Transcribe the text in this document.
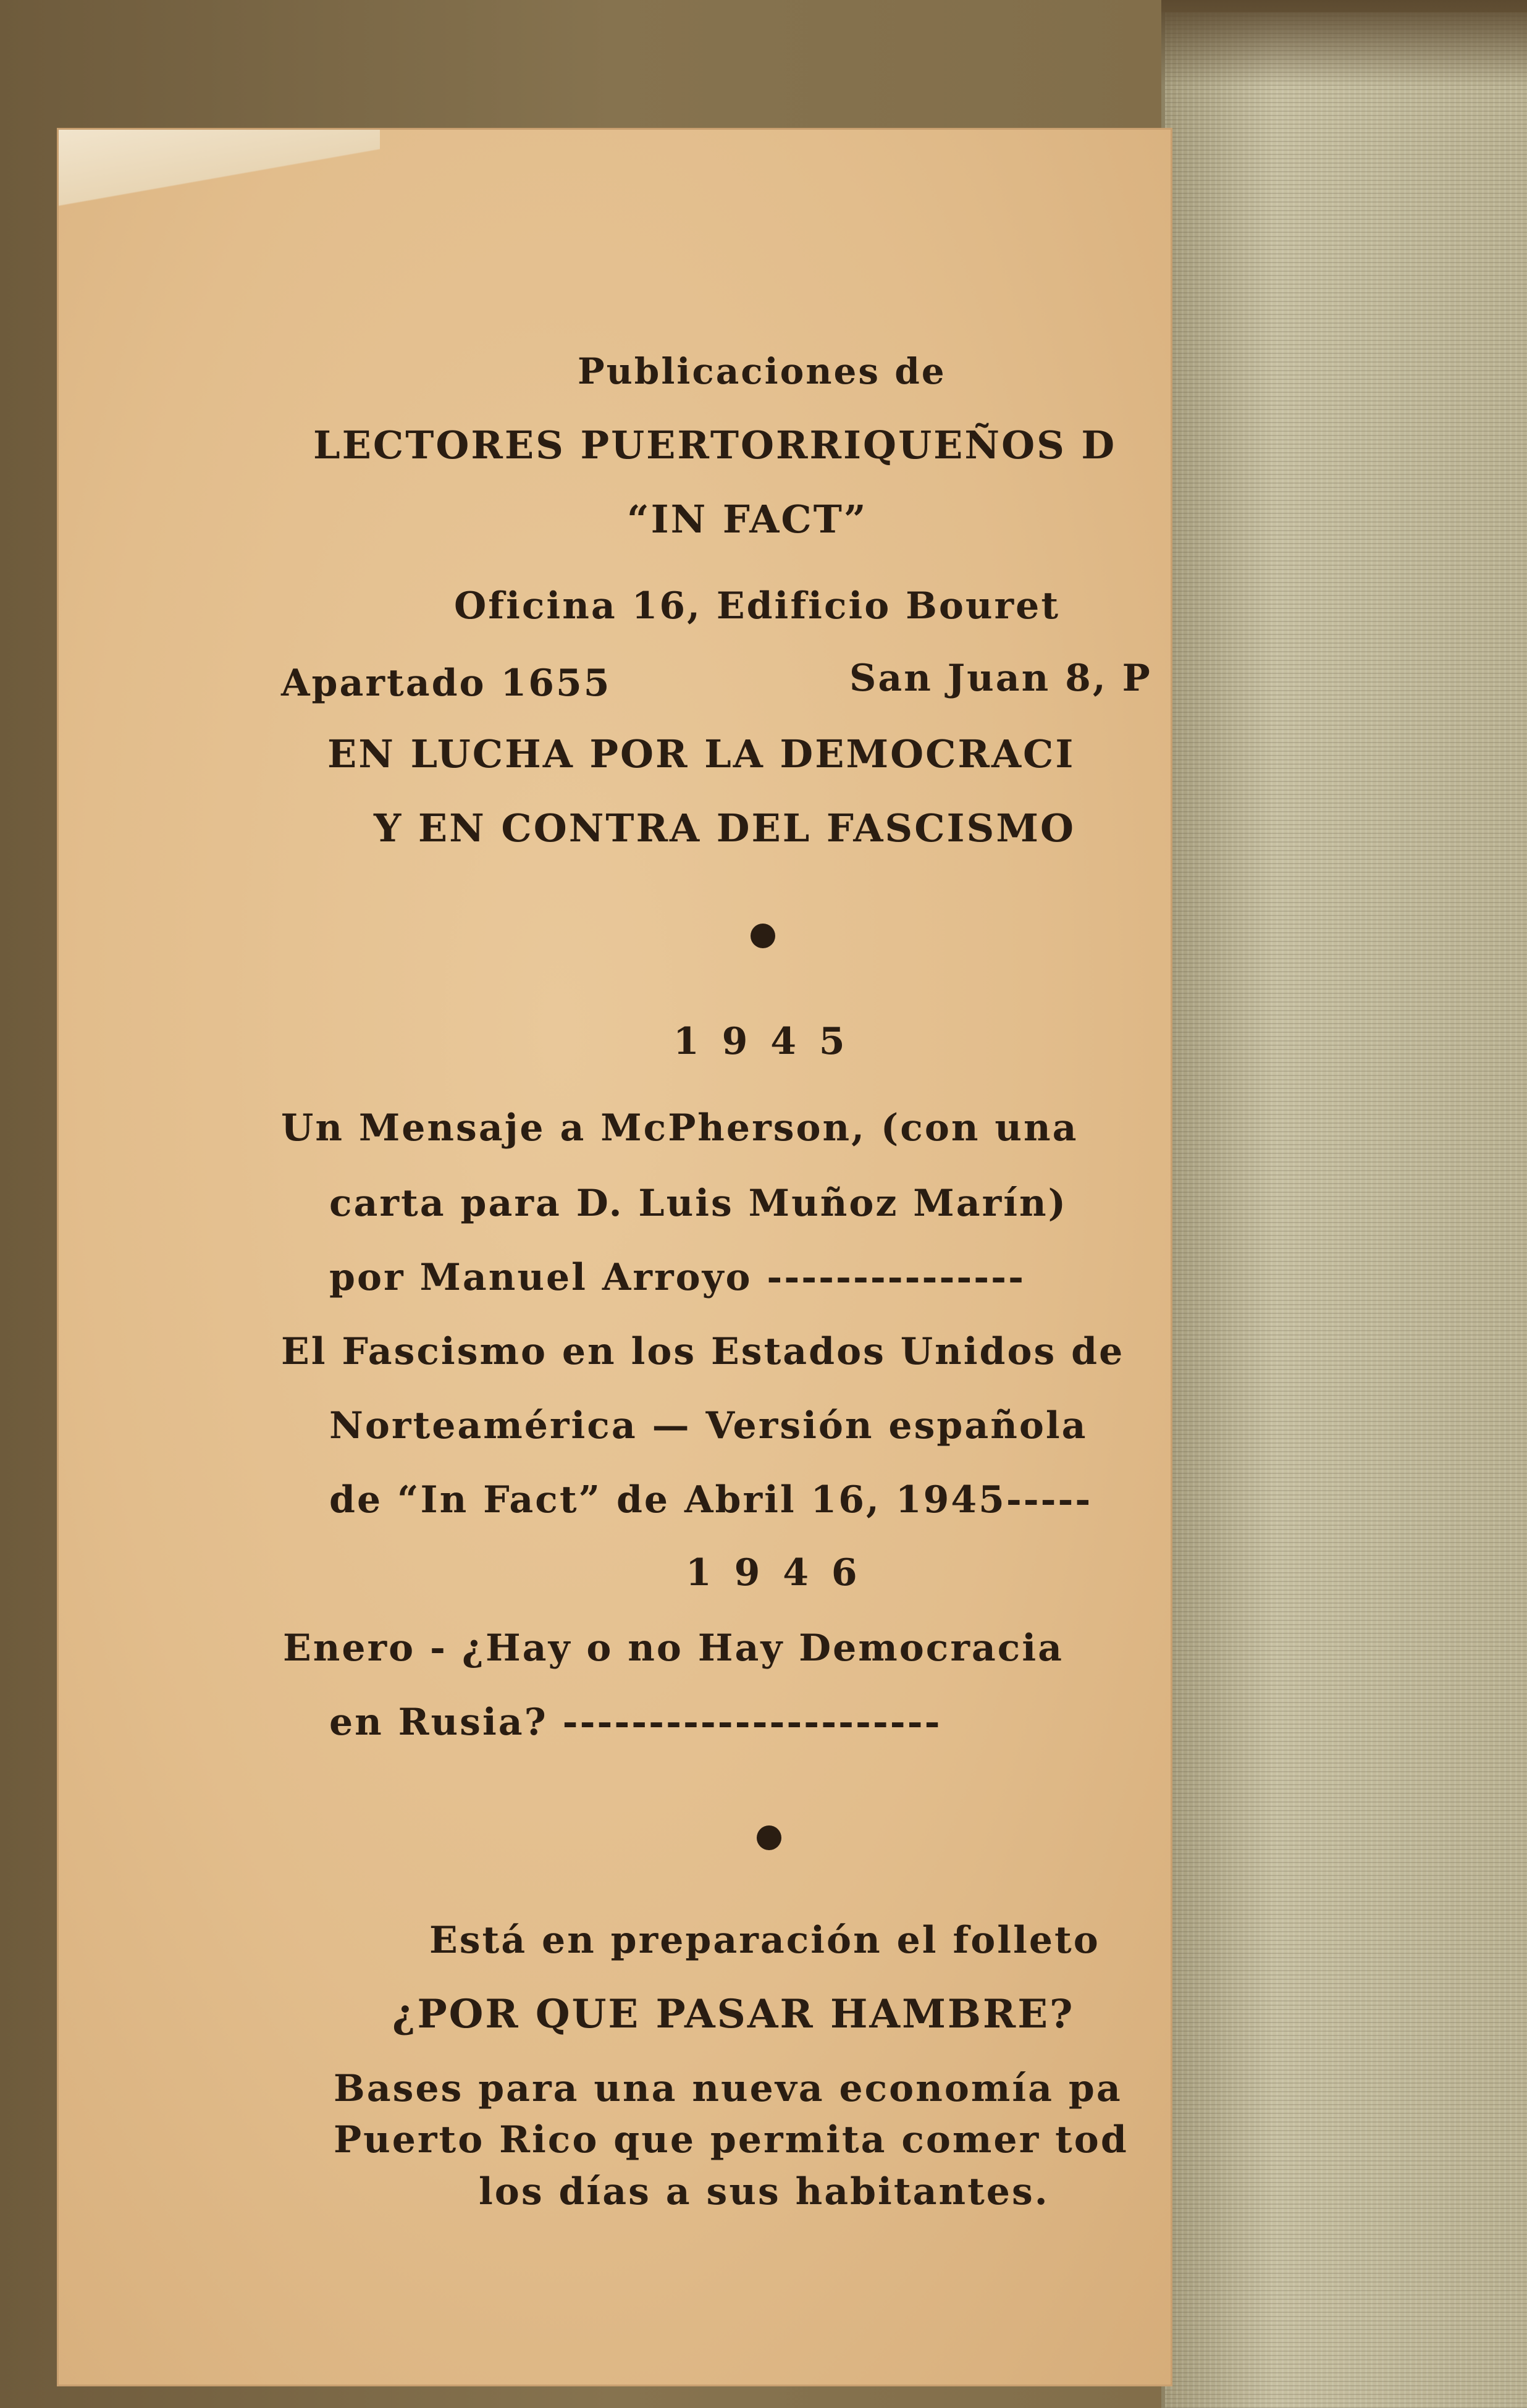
Publicaciones de
LECTORES PUERTORRIQUEÑOS D
“IN FACT”
Oficina 16, Edificio Bouret
Apartado 1655	San Juan 8, P
EN LUCHA POR LA DEMOCRACI
Y EN CONTRA DEL FASCISMO
1 9 4 5
Un Mensaje a McPherson, (con una
carta para D. Luis Muñoz Marín)
por Manuel Arroyo ---------------
El Fascismo en los Estados Unidos de
Norteamérica — Versión española
de “In Fact” de Abril 16, 1945-----
1 9 4 6
Enero - ¿Hay o no Hay Democracia
en Rusia? ----------------------
Está en preparación el folleto
¿POR QUE PASAR HAMBRE?
Bases para una nueva economía pa
Puerto Rico que permita comer tod
los días a sus habitantes.
